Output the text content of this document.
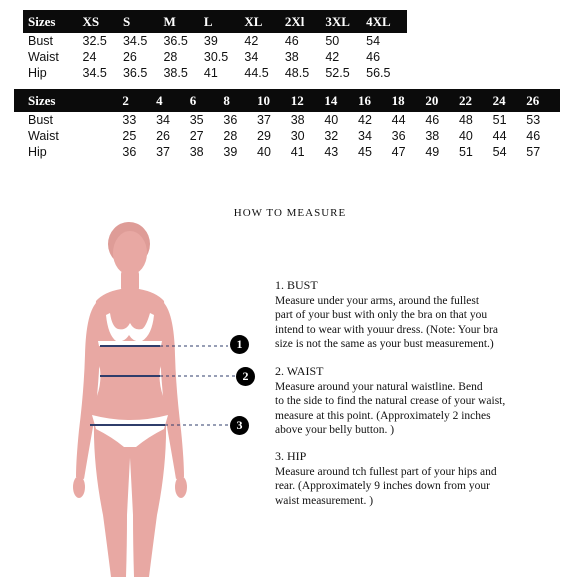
Sizes	XS	S	M	L	XL	2Xl	3XL	4XL
Bust	32.5	34.5	36.5	39	42	46	50	54
Waist	24	26	28	30.5	34	38	42	46
Hip	34.5	36.5	38.5	41	44.5	48.5	52.5	56.5
Sizes	2	4	6	8	10	12	14	16	18	20	22	24	26
Bust	33	34	35	36	37	38	40	42	44	46	48	51	53
Waist	25	26	27	28	29	30	32	34	36	38	40	44	46
Hip	36	37	38	39	40	41	43	45	47	49	51	54	57
HOW TO MEASURE
1
2
3
1. BUST
Measure under your arms, around the fullest
part of your bust with only the bra on that you
intend to wear with youur dress. (Note: Your bra
size is not the same as your bust measurement.)
2. WAIST
Measure around your natural waistline. Bend
to the side to find the natural crease of your waist,
measure at this point. (Approximately 2 inches
above your belly button. )
3. HIP
Measure around tch fullest part of your hips and
rear. (Approximately 9 inches down from your
waist measurement. )
